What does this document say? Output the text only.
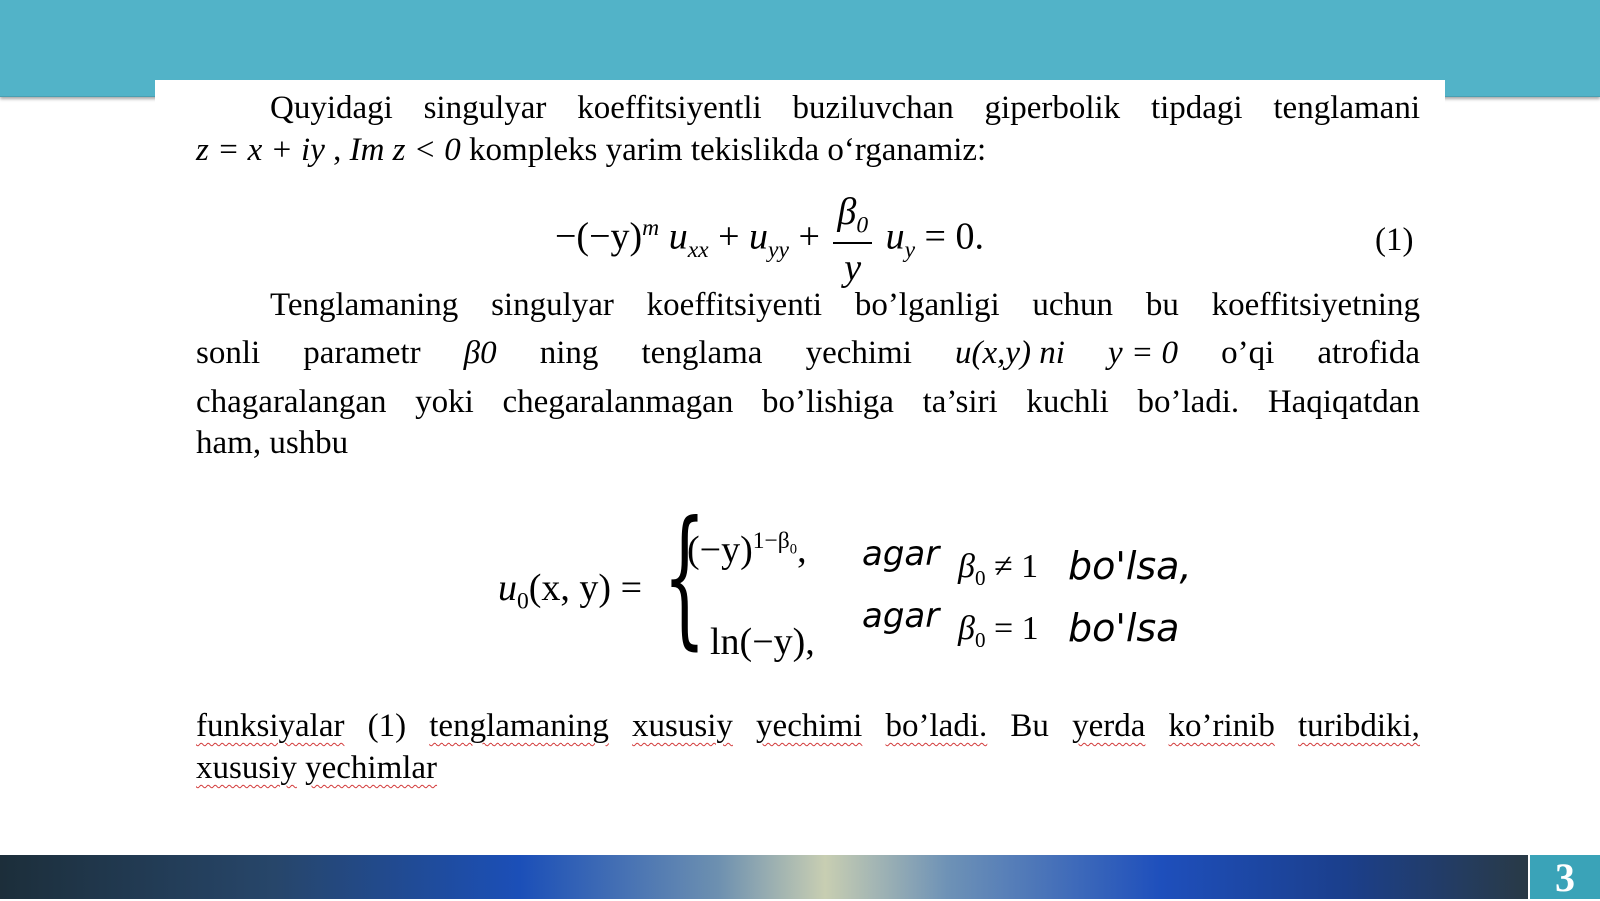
Quyidagi singulyar koeffitsiyentli buziluvchan giperbolik tipdagi tenglamani
z = x + iy , Im z < 0 kompleks yarim tekislikda o‘rganamiz:
$-(-y)^m$ $u_{xx} + u_{yy} + \frac{\beta_0}{y} u_y = 0$.	(1)
Tenglamaning singulyar koeffitsiyenti bo’lganligi uchun bu koeffitsiyetning
sonli parametr β0 ning tenglama yechimi u(x,y) ni y = 0 o’qi atrofida
chagaralangan yoki chegaralanmagan bo’lishiga ta’siri kuchli bo’ladi. Haqiqatdan
ham, ushbu
$u_0(x$, y) = {
$(-y)^{1-\beta_0}$, agar $\beta_0 \ne 1$ bo'lsa,
ln(−y),
agar $\beta_0 = 1$ bo'lsa
funksiyalar (1) tenglamaning xususiy yechimi bo’ladi. Bu yerda ko’rinib turibdiki,
xususiy yechimlar
3
